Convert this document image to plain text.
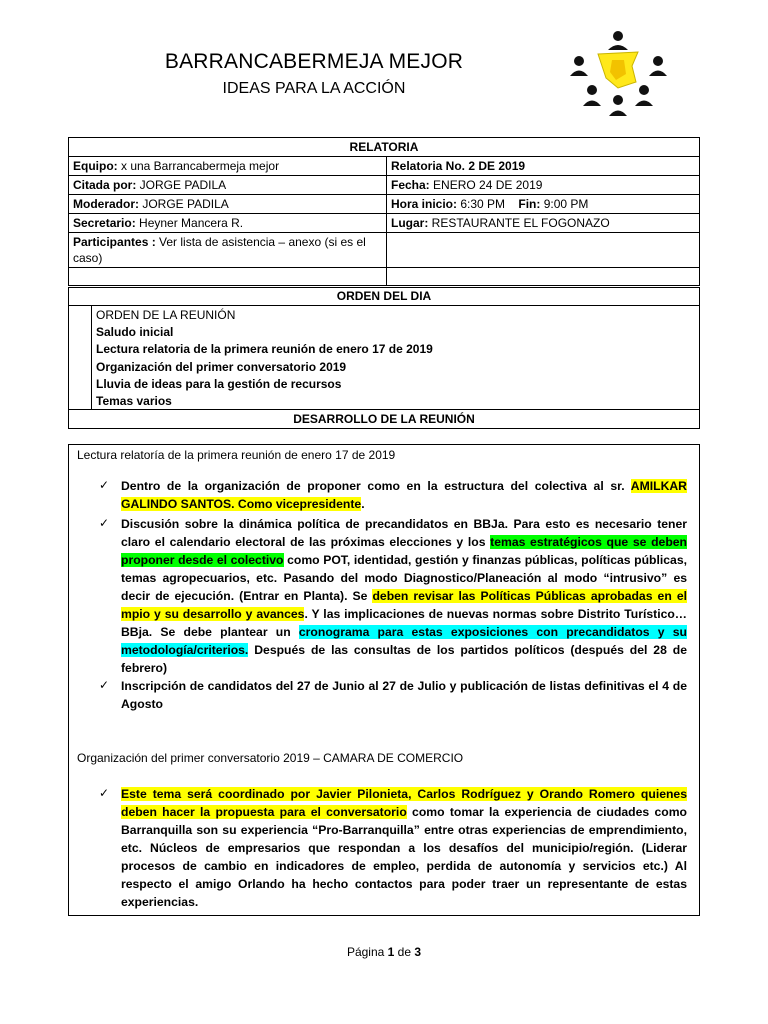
BARRANCABERMEJA MEJOR
IDEAS PARA LA ACCIÓN
RELATORIA	
Equipo: x una Barrancabermeja mejor	Relatoria No. 2 DE 2019
Citada por: JORGE PADILA	Fecha: ENERO 24 DE 2019
Moderador: JORGE PADILA	Hora inicio: 6:30 PM Fin: 9:00 PM
Secretario: Heyner Mancera R.	Lugar: RESTAURANTE EL FOGONAZO
Participantes : Ver lista de asistencia – anexo (si es el caso)	

ORDEN DEL DIA
ORDEN DE LA REUNIÓN
Saludo inicial
Lectura relatoria de la primera reunión de enero 17 de 2019
Organización del primer conversatorio 2019
Lluvia de ideas para la gestión de recursos
Temas varios
DESARROLLO DE LA REUNIÓN
Lectura relatoría de la primera reunión de enero 17 de 2019
✓ Dentro de la organización de proponer como en la estructura del colectiva al sr. AMILKAR GALINDO SANTOS. Como vicepresidente.
✓ Discusión sobre la dinámica política de precandidatos en BBJa. Para esto es necesario tener claro el calendario electoral de las próximas elecciones y los temas estratégicos que se deben proponer desde el colectivo como POT, identidad, gestión y finanzas públicas, políticas públicas, temas agropecuarios, etc. Pasando del modo Diagnostico/Planeación al modo “intrusivo” es decir de ejecución. (Entrar en Planta). Se deben revisar las Políticas Públicas aprobadas en el mpio y su desarrollo y avances. Y las implicaciones de nuevas normas sobre Distrito Turístico…BBja. Se debe plantear un cronograma para estas exposiciones con precandidatos y su metodología/criterios. Después de las consultas de los partidos políticos (después del 28 de febrero)
✓ Inscripción de candidatos del 27 de Junio al 27 de Julio y publicación de listas definitivas el 4 de Agosto
Organización del primer conversatorio 2019 – CAMARA DE COMERCIO
✓ Este tema será coordinado por Javier Pilonieta, Carlos Rodríguez y Orando Romero quienes deben hacer la propuesta para el conversatorio como tomar la experiencia de ciudades como Barranquilla son su experiencia “Pro-Barranquilla” entre otras experiencias de emprendimiento, etc. Núcleos de empresarios que respondan a los desafíos del municipio/región. (Liderar procesos de cambio en indicadores de empleo, perdida de autonomía y servicios etc.) Al respecto el amigo Orlando ha hecho contactos para poder traer un representante de estas experiencias.
Página 1 de 3
